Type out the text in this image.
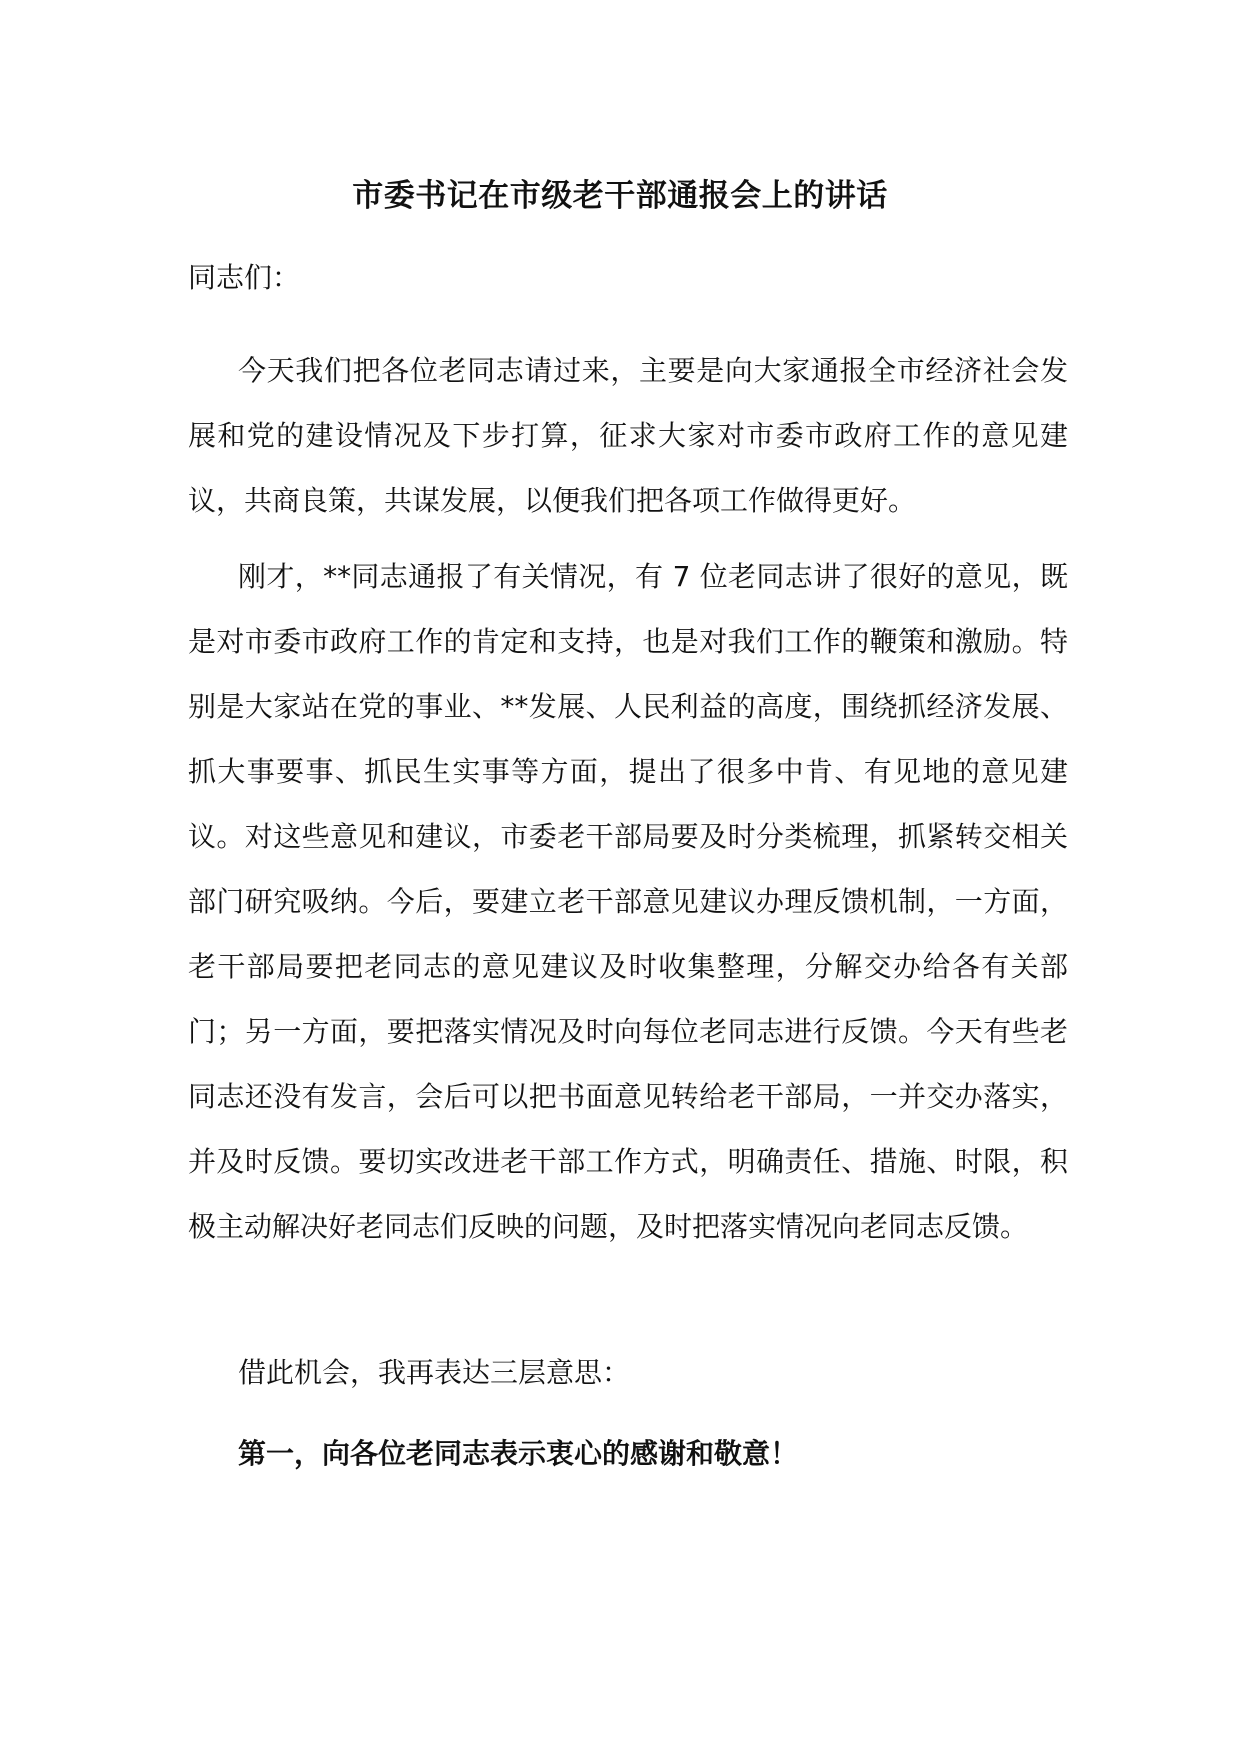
市委书记在市级老干部通报会上的讲话
同志们：

今天我们把各位老同志请过来，主要是向大家通报全市经济社会发展和党的建设情况及下步打算，征求大家对市委市政府工作的意见建议，共商良策，共谋发展，以便我们把各项工作做得更好。

刚才，**同志通报了有关情况，有 7 位老同志讲了很好的意见，既是对市委市政府工作的肯定和支持，也是对我们工作的鞭策和激励。特别是大家站在党的事业、**发展、人民利益的高度，围绕抓经济发展、抓大事要事、抓民生实事等方面，提出了很多中肯、有见地的意见建议。对这些意见和建议，市委老干部局要及时分类梳理，抓紧转交相关部门研究吸纳。今后，要建立老干部意见建议办理反馈机制，一方面，老干部局要把老同志的意见建议及时收集整理，分解交办给各有关部门；另一方面，要把落实情况及时向每位老同志进行反馈。今天有些老同志还没有发言，会后可以把书面意见转给老干部局，一并交办落实，并及时反馈。要切实改进老干部工作方式，明确责任、措施、时限，积极主动解决好老同志们反映的问题，及时把落实情况向老同志反馈。

借此机会，我再表达三层意思：

第一，向各位老同志表示衷心的感谢和敬意！
